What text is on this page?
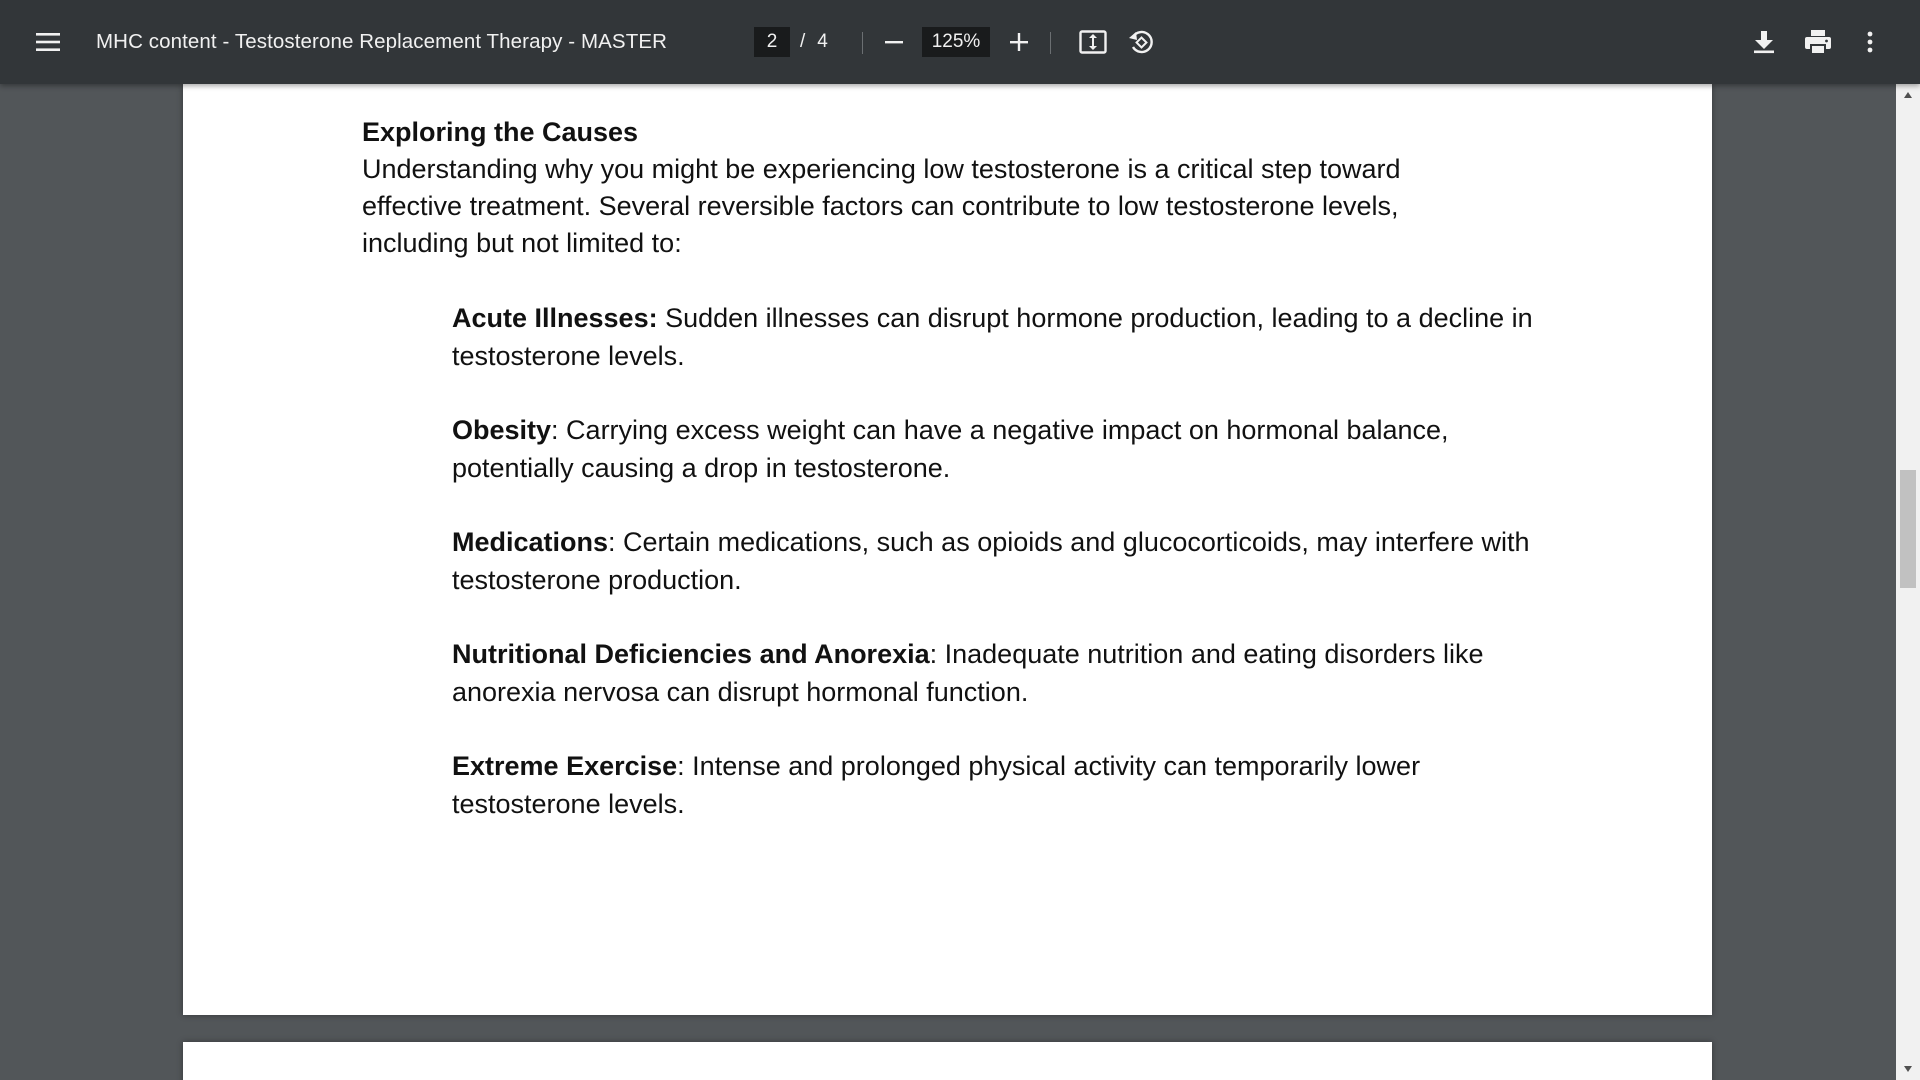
MHC content - Testosterone Replacement Therapy - MASTER
2	/ 4
125%

Exploring the Causes

Understanding why you might be experiencing low testosterone is a critical step toward effective treatment. Several reversible factors can contribute to low testosterone levels, including but not limited to:

Acute Illnesses: Sudden illnesses can disrupt hormone production, leading to a decline in testosterone levels.
Obesity: Carrying excess weight can have a negative impact on hormonal balance, potentially causing a drop in testosterone.
Medications: Certain medications, such as opioids and glucocorticoids, may interfere with testosterone production.
Nutritional Deficiencies and Anorexia: Inadequate nutrition and eating disorders like anorexia nervosa can disrupt hormonal function.
Extreme Exercise: Intense and prolonged physical activity can temporarily lower testosterone levels.
